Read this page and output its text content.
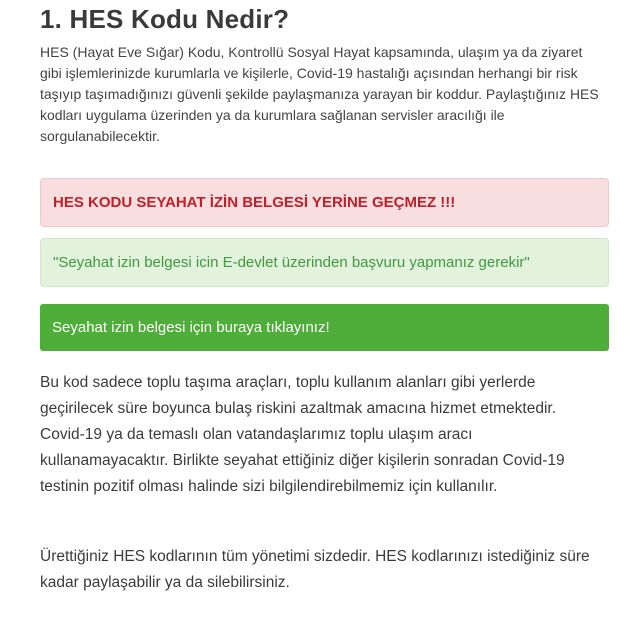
1. HES Kodu Nedir?

HES (Hayat Eve Sığar) Kodu, Kontrollü Sosyal Hayat kapsamında, ulaşım ya da ziyaret gibi işlemlerinizde kurumlarla ve kişilerle, Covid-19 hastalığı açısından herhangi bir risk taşıyıp taşımadığınızı güvenli şekilde paylaşmanıza yarayan bir koddur. Paylaştığınız HES kodları uygulama üzerinden ya da kurumlara sağlanan servisler aracılığı ile sorgulanabilecektir.

HES KODU SEYAHAT İZİN BELGESİ YERİNE GEÇMEZ !!!
"Seyahat izin belgesi icin E-devlet üzerinden başvuru yapmanız gerekir"
Seyahat izin belgesi için buraya tıklayınız!

Bu kod sadece toplu taşıma araçları, toplu kullanım alanları gibi yerlerde geçirilecek süre boyunca bulaş riskini azaltmak amacına hizmet etmektedir. Covid-19 ya da temaslı olan vatandaşlarımız toplu ulaşım aracı kullanamayacaktır. Birlikte seyahat ettiğiniz diğer kişilerin sonradan Covid-19 testinin pozitif olması halinde sizi bilgilendirebilmemiz için kullanılır.

Ürettiğiniz HES kodlarının tüm yönetimi sizdedir. HES kodlarınızı istediğiniz süre kadar paylaşabilir ya da silebilirsiniz.
